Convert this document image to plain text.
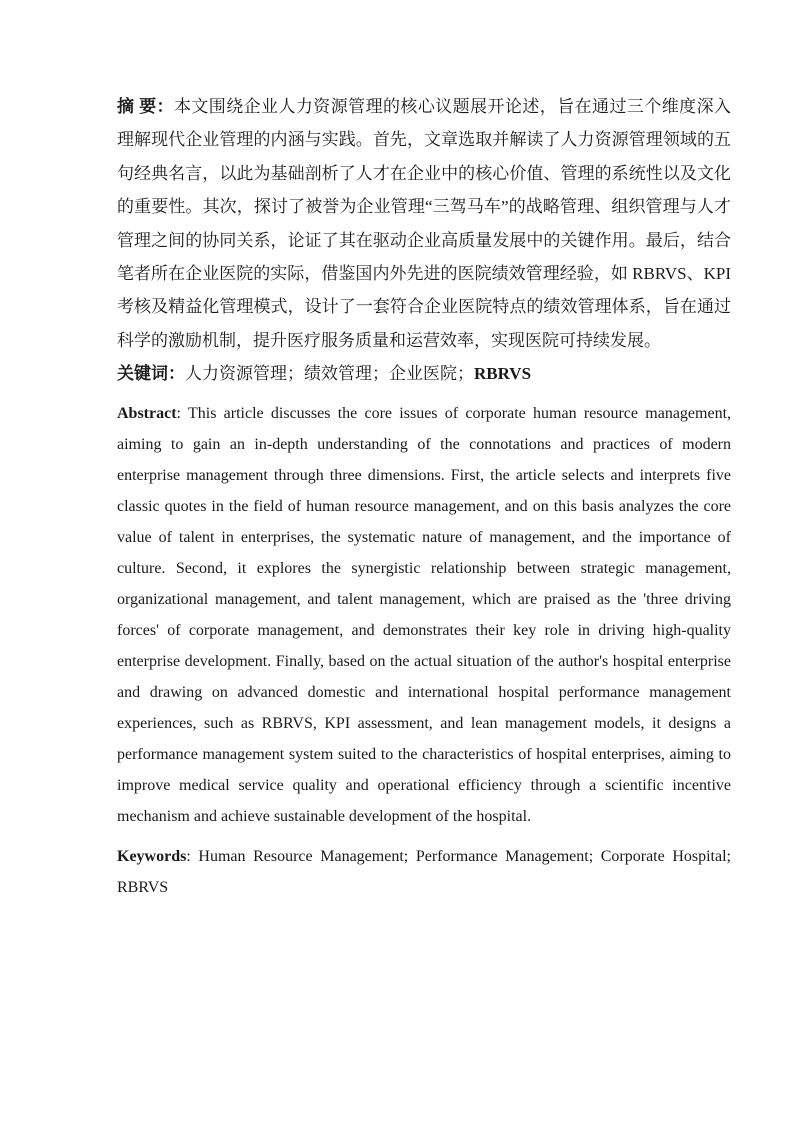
摘 要：本文围绕企业人力资源管理的核心议题展开论述，旨在通过三个维度深入理解现代企业管理的内涵与实践。首先，文章选取并解读了人力资源管理领域的五句经典名言，以此为基础剖析了人才在企业中的核心价值、管理的系统性以及文化的重要性。其次，探讨了被誉为企业管理“三驾马车”的战略管理、组织管理与人才管理之间的协同关系，论证了其在驱动企业高质量发展中的关键作用。最后，结合笔者所在企业医院的实际，借鉴国内外先进的医院绩效管理经验，如 RBRVS、KPI 考核及精益化管理模式，设计了一套符合企业医院特点的绩效管理体系，旨在通过科学的激励机制，提升医疗服务质量和运营效率，实现医院可持续发展。

关键词：人力资源管理；绩效管理；企业医院；RBRVS

Abstract: This article discusses the core issues of corporate human resource management, aiming to gain an in-depth understanding of the connotations and practices of modern enterprise management through three dimensions. First, the article selects and interprets five classic quotes in the field of human resource management, and on this basis analyzes the core value of talent in enterprises, the systematic nature of management, and the importance of culture. Second, it explores the synergistic relationship between strategic management, organizational management, and talent management, which are praised as the 'three driving forces' of corporate management, and demonstrates their key role in driving high-quality enterprise development. Finally, based on the actual situation of the author's hospital enterprise and drawing on advanced domestic and international hospital performance management experiences, such as RBRVS, KPI assessment, and lean management models, it designs a performance management system suited to the characteristics of hospital enterprises, aiming to improve medical service quality and operational efficiency through a scientific incentive mechanism and achieve sustainable development of the hospital.

Keywords: Human Resource Management; Performance Management; Corporate Hospital; RBRVS
